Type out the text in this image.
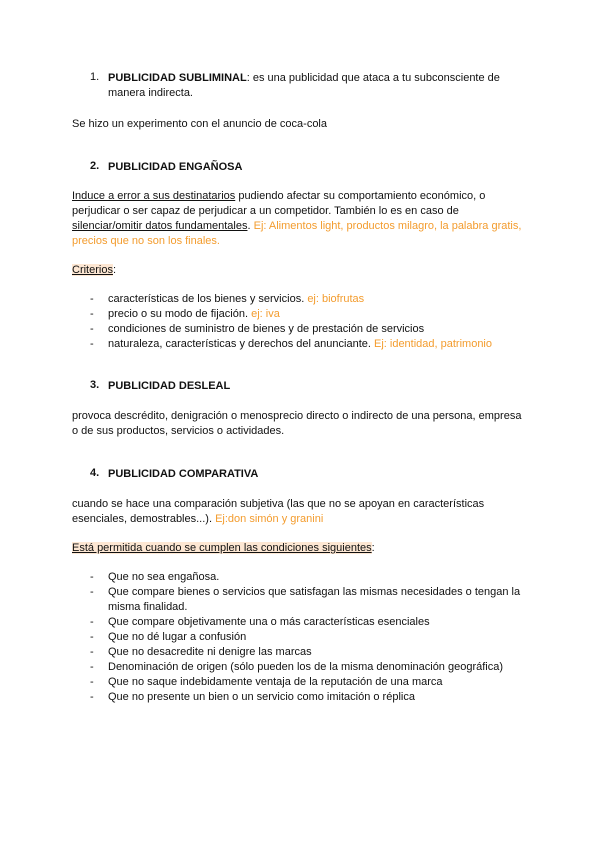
1. PUBLICIDAD SUBLIMINAL: es una publicidad que ataca a tu subconsciente de
manera indirecta.
Se hizo un experimento con el anuncio de coca-cola
2. PUBLICIDAD ENGAÑOSA
Induce a error a sus destinatarios pudiendo afectar su comportamiento económico, o
perjudicar o ser capaz de perjudicar a un competidor. También lo es en caso de
silenciar/omitir datos fundamentales. Ej: Alimentos light, productos milagro, la palabra gratis,
precios que no son los finales.
Criterios:
- características de los bienes y servicios. ej: biofrutas
- precio o su modo de fijación. ej: iva
- condiciones de suministro de bienes y de prestación de servicios
- naturaleza, características y derechos del anunciante. Ej: identidad, patrimonio
3. PUBLICIDAD DESLEAL
provoca descrédito, denigración o menosprecio directo o indirecto de una persona, empresa
o de sus productos, servicios o actividades.
4. PUBLICIDAD COMPARATIVA
cuando se hace una comparación subjetiva (las que no se apoyan en características
esenciales, demostrables...). Ej:don simón y granini
Está permitida cuando se cumplen las condiciones siguientes:
- Que no sea engañosa.
- Que compare bienes o servicios que satisfagan las mismas necesidades o tengan la
misma finalidad.
- Que compare objetivamente una o más características esenciales
- Que no dé lugar a confusión
- Que no desacredite ni denigre las marcas
- Denominación de origen (sólo pueden los de la misma denominación geográfica)
- Que no saque indebidamente ventaja de la reputación de una marca
- Que no presente un bien o un servicio como imitación o réplica
